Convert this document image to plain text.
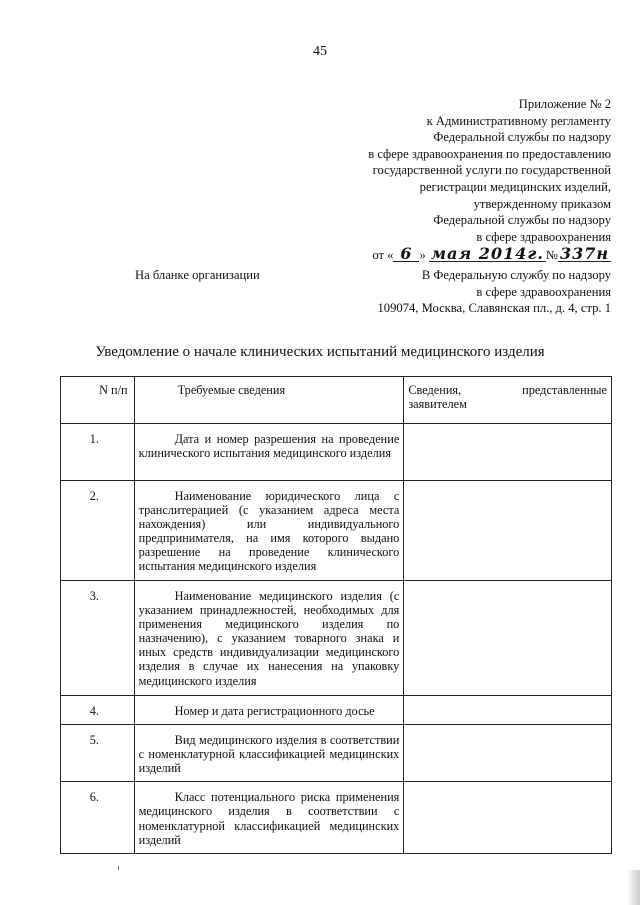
45
Приложение № 2
к Административному регламенту
Федеральной службы по надзору
в сфере здравоохранения по предоставлению
государственной услуги по государственной
регистрации медицинских изделий,
утвержденному приказом
Федеральной службы по надзору
в сфере здравоохранения
от « 6 » мая 2014г. № 337н
На бланке организации	В Федеральную службу по надзору
в сфере здравоохранения
109074, Москва, Славянская пл., д. 4, стр. 1
Уведомление о начале клинических испытаний медицинского изделия
N п/п	Требуемые сведения	Сведения, представленные
заявителем

1.	Дата и номер разрешения на проведение клинического испытания медицинского изделия	
2.	Наименование юридического лица с транслитерацией (с указанием адреса места нахождения) или индивидуального предпринимателя, на имя которого выдано разрешение на проведение клинического испытания медицинского изделия	
3.	Наименование медицинского изделия (с указанием принадлежностей, необходимых для применения медицинского изделия по назначению), с указанием товарного знака и иных средств индивидуализации медицинского изделия в случае их нанесения на упаковку медицинского изделия	
4.	Номер и дата регистрационного досье	
5.	Вид медицинского изделия в соответствии с номенклатурной классификацией медицинских изделий	
6.	Класс потенциального риска применения медицинского изделия в соответствии с номенклатурной классификацией медицинских изделий	
